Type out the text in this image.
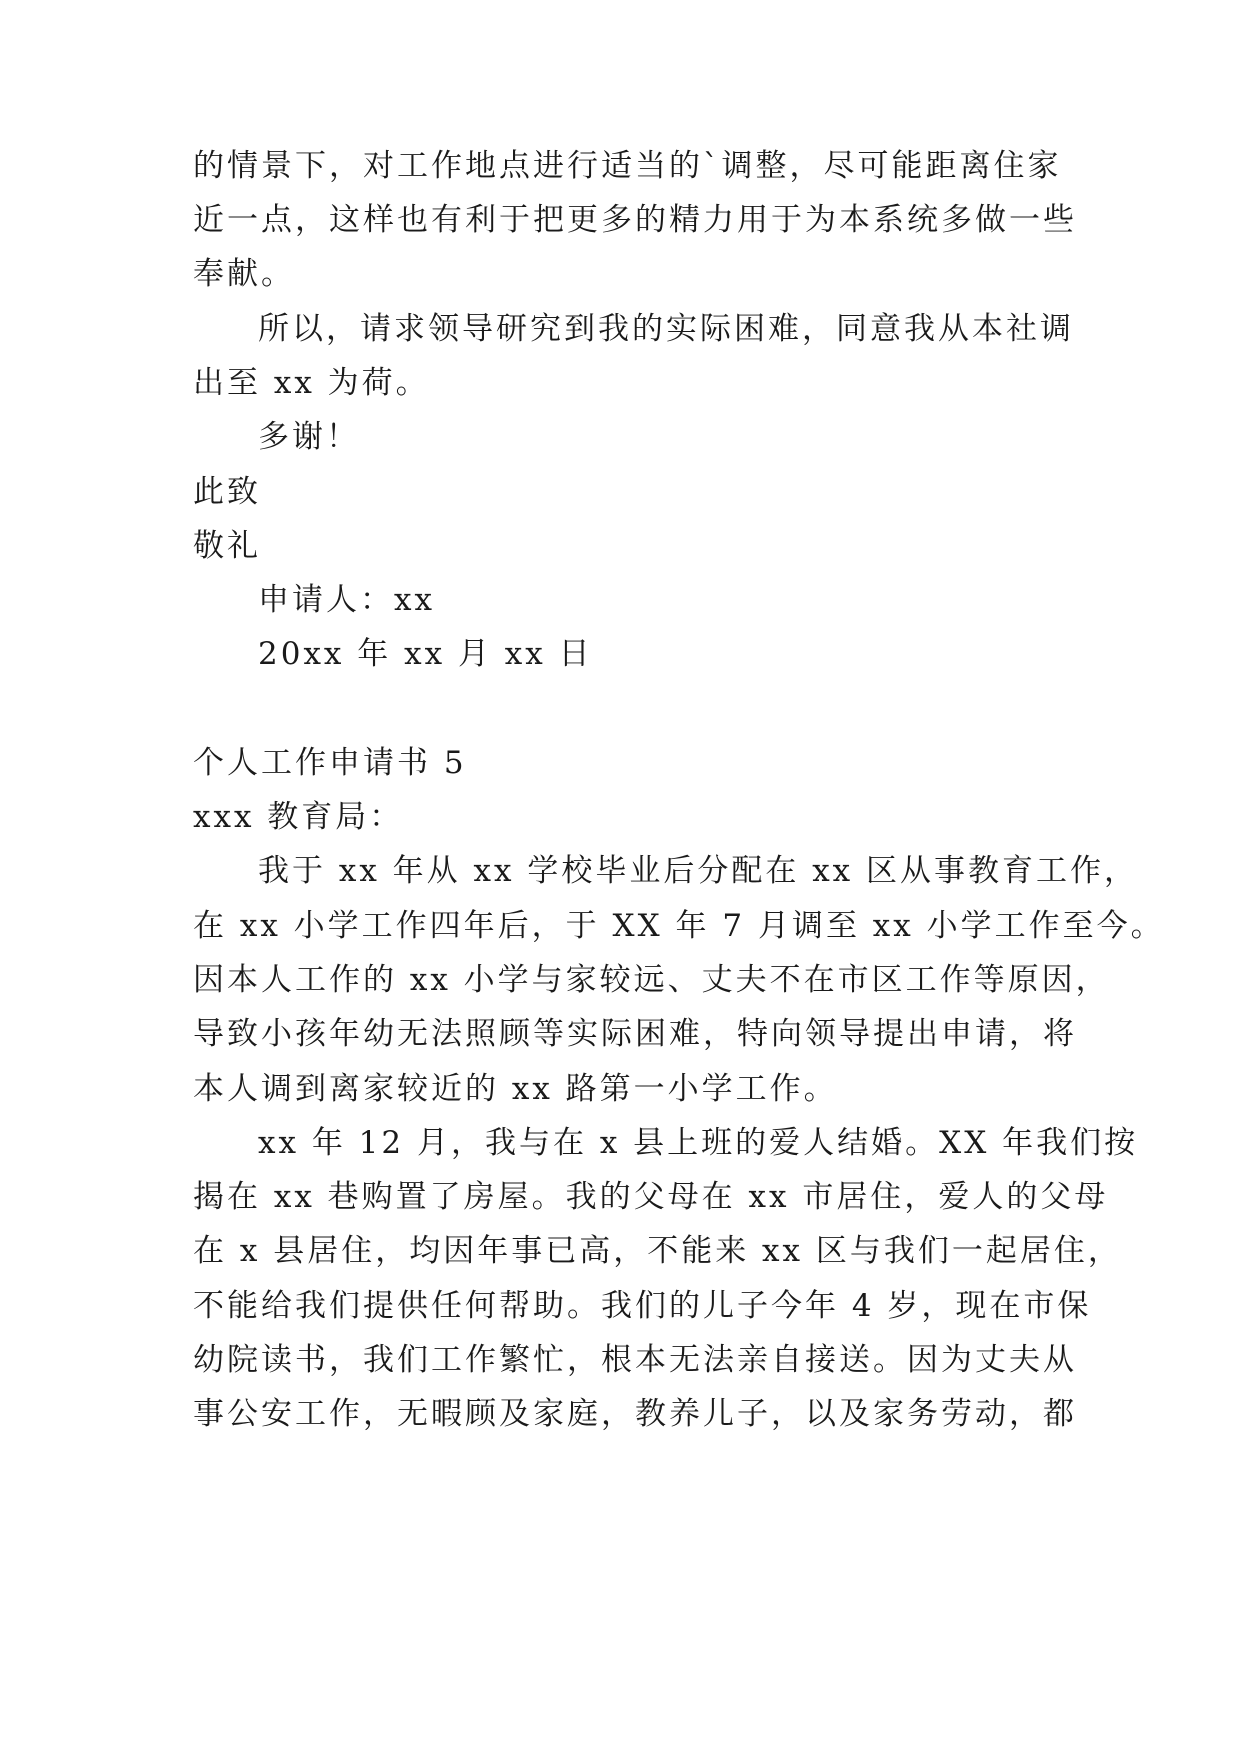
的情景下，对工作地点进行适当的`调整，尽可能距离住家
近一点，这样也有利于把更多的精力用于为本系统多做一些
奉献。
所以，请求领导研究到我的实际困难，同意我从本社调
出至 xx 为荷。
多谢！
此致
敬礼
申请人：xx
20xx 年 xx 月 xx 日
个人工作申请书 5
xxx 教育局：
我于 xx 年从 xx 学校毕业后分配在 xx 区从事教育工作，
在 xx 小学工作四年后，于 XX 年 7 月调至 xx 小学工作至今。
因本人工作的 xx 小学与家较远、丈夫不在市区工作等原因，
导致小孩年幼无法照顾等实际困难，特向领导提出申请，将
本人调到离家较近的 xx 路第一小学工作。
xx 年 12 月，我与在 x 县上班的爱人结婚。XX 年我们按
揭在 xx 巷购置了房屋。我的父母在 xx 市居住，爱人的父母
在 x 县居住，均因年事已高，不能来 xx 区与我们一起居住，
不能给我们提供任何帮助。我们的儿子今年 4 岁，现在市保
幼院读书，我们工作繁忙，根本无法亲自接送。因为丈夫从
事公安工作，无暇顾及家庭，教养儿子，以及家务劳动，都
